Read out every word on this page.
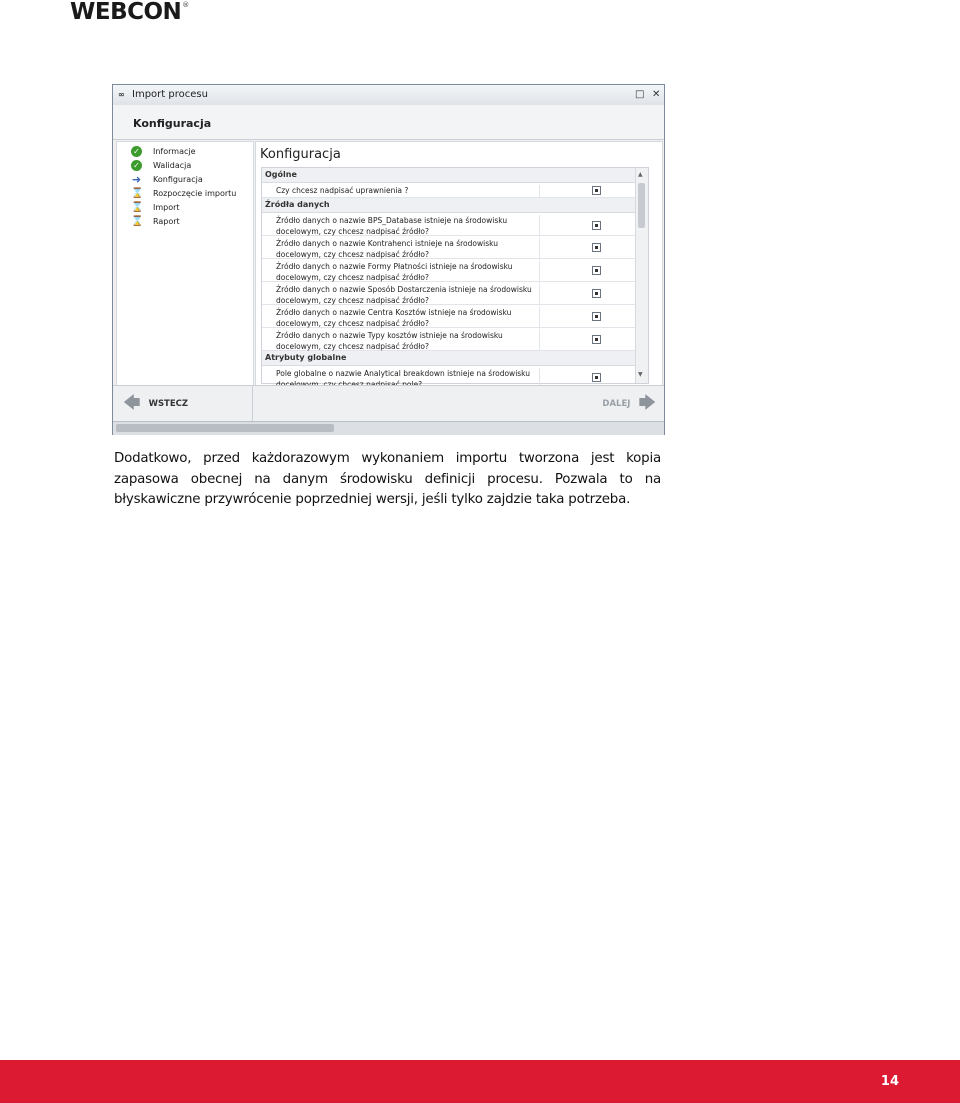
WEBCON ®
∞ Import procesu	□ ✕
Konfiguracja
✓ Informacje
✓ Walidacja
➜ Konfiguracja
⌛ Rozpoczęcie importu
⌛ Import
⌛ Raport
Konfiguracja
Ogólne
Czy chcesz nadpisać uprawnienia ?
Źródła danych
Źródło danych o nazwie BPS_Database istnieje na środowisku docelowym, czy chcesz nadpisać źródło?
Źródło danych o nazwie Kontrahenci istnieje na środowisku docelowym, czy chcesz nadpisać źródło?
Źródło danych o nazwie Formy Płatności istnieje na środowisku docelowym, czy chcesz nadpisać źródło?
Źródło danych o nazwie Sposób Dostarczenia istnieje na środowisku docelowym, czy chcesz nadpisać źródło?
Źródło danych o nazwie Centra Kosztów istnieje na środowisku docelowym, czy chcesz nadpisać źródło?
Źródło danych o nazwie Typy kosztów istnieje na środowisku docelowym, czy chcesz nadpisać źródło?
Atrybuty globalne
Pole globalne o nazwie Analytical breakdown istnieje na środowisku
▲
▼
🡄 WSTECZ	DALEJ 🡆
Dodatkowo, przed każdorazowym wykonaniem importu tworzona jest kopia zapasowa obecnej na danym środowisku definicji procesu. Pozwala to na błyskawiczne przywrócenie poprzedniej wersji, jeśli tylko zajdzie taka potrzeba.
14
